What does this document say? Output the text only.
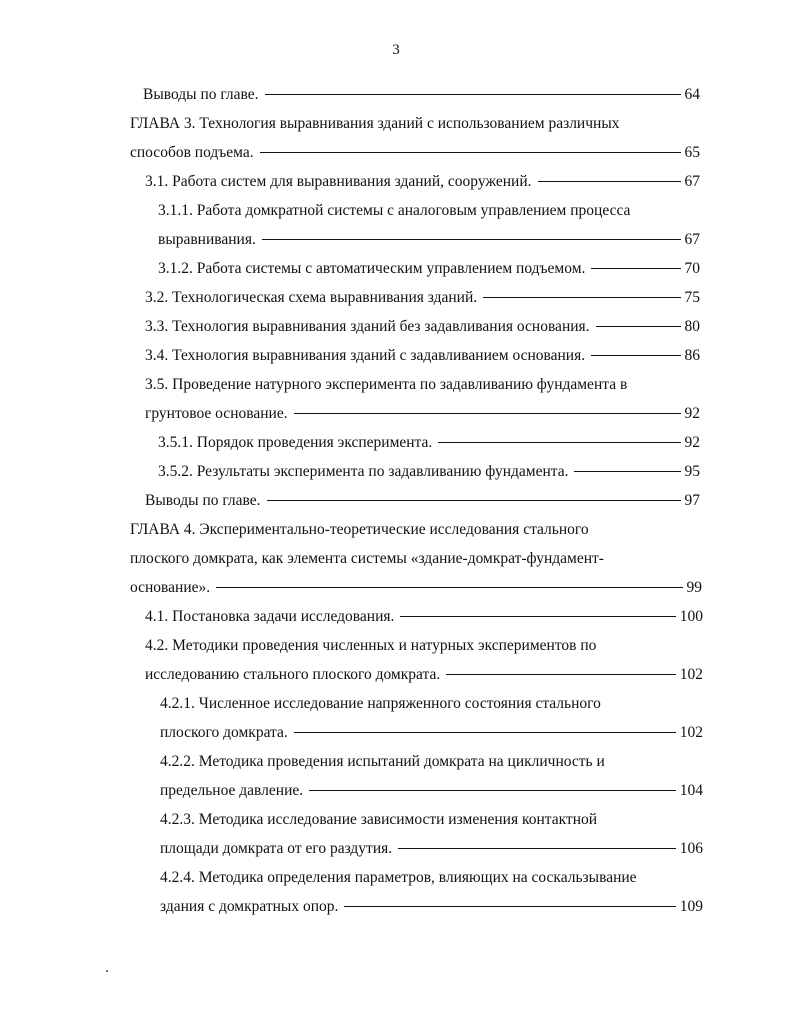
3
Выводы по главе.	64
ГЛАВА 3. Технология выравнивания зданий с использованием различных
способов подъема.	65
3.1. Работа систем для выравнивания зданий, сооружений.	67
3.1.1. Работа домкратной системы с аналоговым управлением процесса
выравнивания.	67
3.1.2. Работа системы с автоматическим управлением подъемом.	70
3.2. Технологическая схема выравнивания зданий.	75
3.3. Технология выравнивания зданий без задавливания основания.	80
3.4. Технология выравнивания зданий с задавливанием основания.	86
3.5. Проведение натурного эксперимента по задавливанию фундамента в
грунтовое основание.	92
3.5.1. Порядок проведения эксперимента.	92
3.5.2. Результаты эксперимента по задавливанию фундамента.	95
Выводы по главе.	97
ГЛАВА 4. Экспериментально-теоретические исследования стального
плоского домкрата, как элемента системы «здание-домкрат-фундамент-
основание».	99
4.1. Постановка задачи исследования.	100
4.2. Методики проведения численных и натурных экспериментов по
исследованию стального плоского домкрата.	102
4.2.1. Численное исследование напряженного состояния стального
плоского домкрата.	102
4.2.2. Методика проведения испытаний домкрата на цикличность и
предельное давление.	104
4.2.3. Методика исследование зависимости изменения контактной
площади домкрата от его раздутия.	106
4.2.4. Методика определения параметров, влияющих на соскальзывание
здания с домкратных опор.	109
